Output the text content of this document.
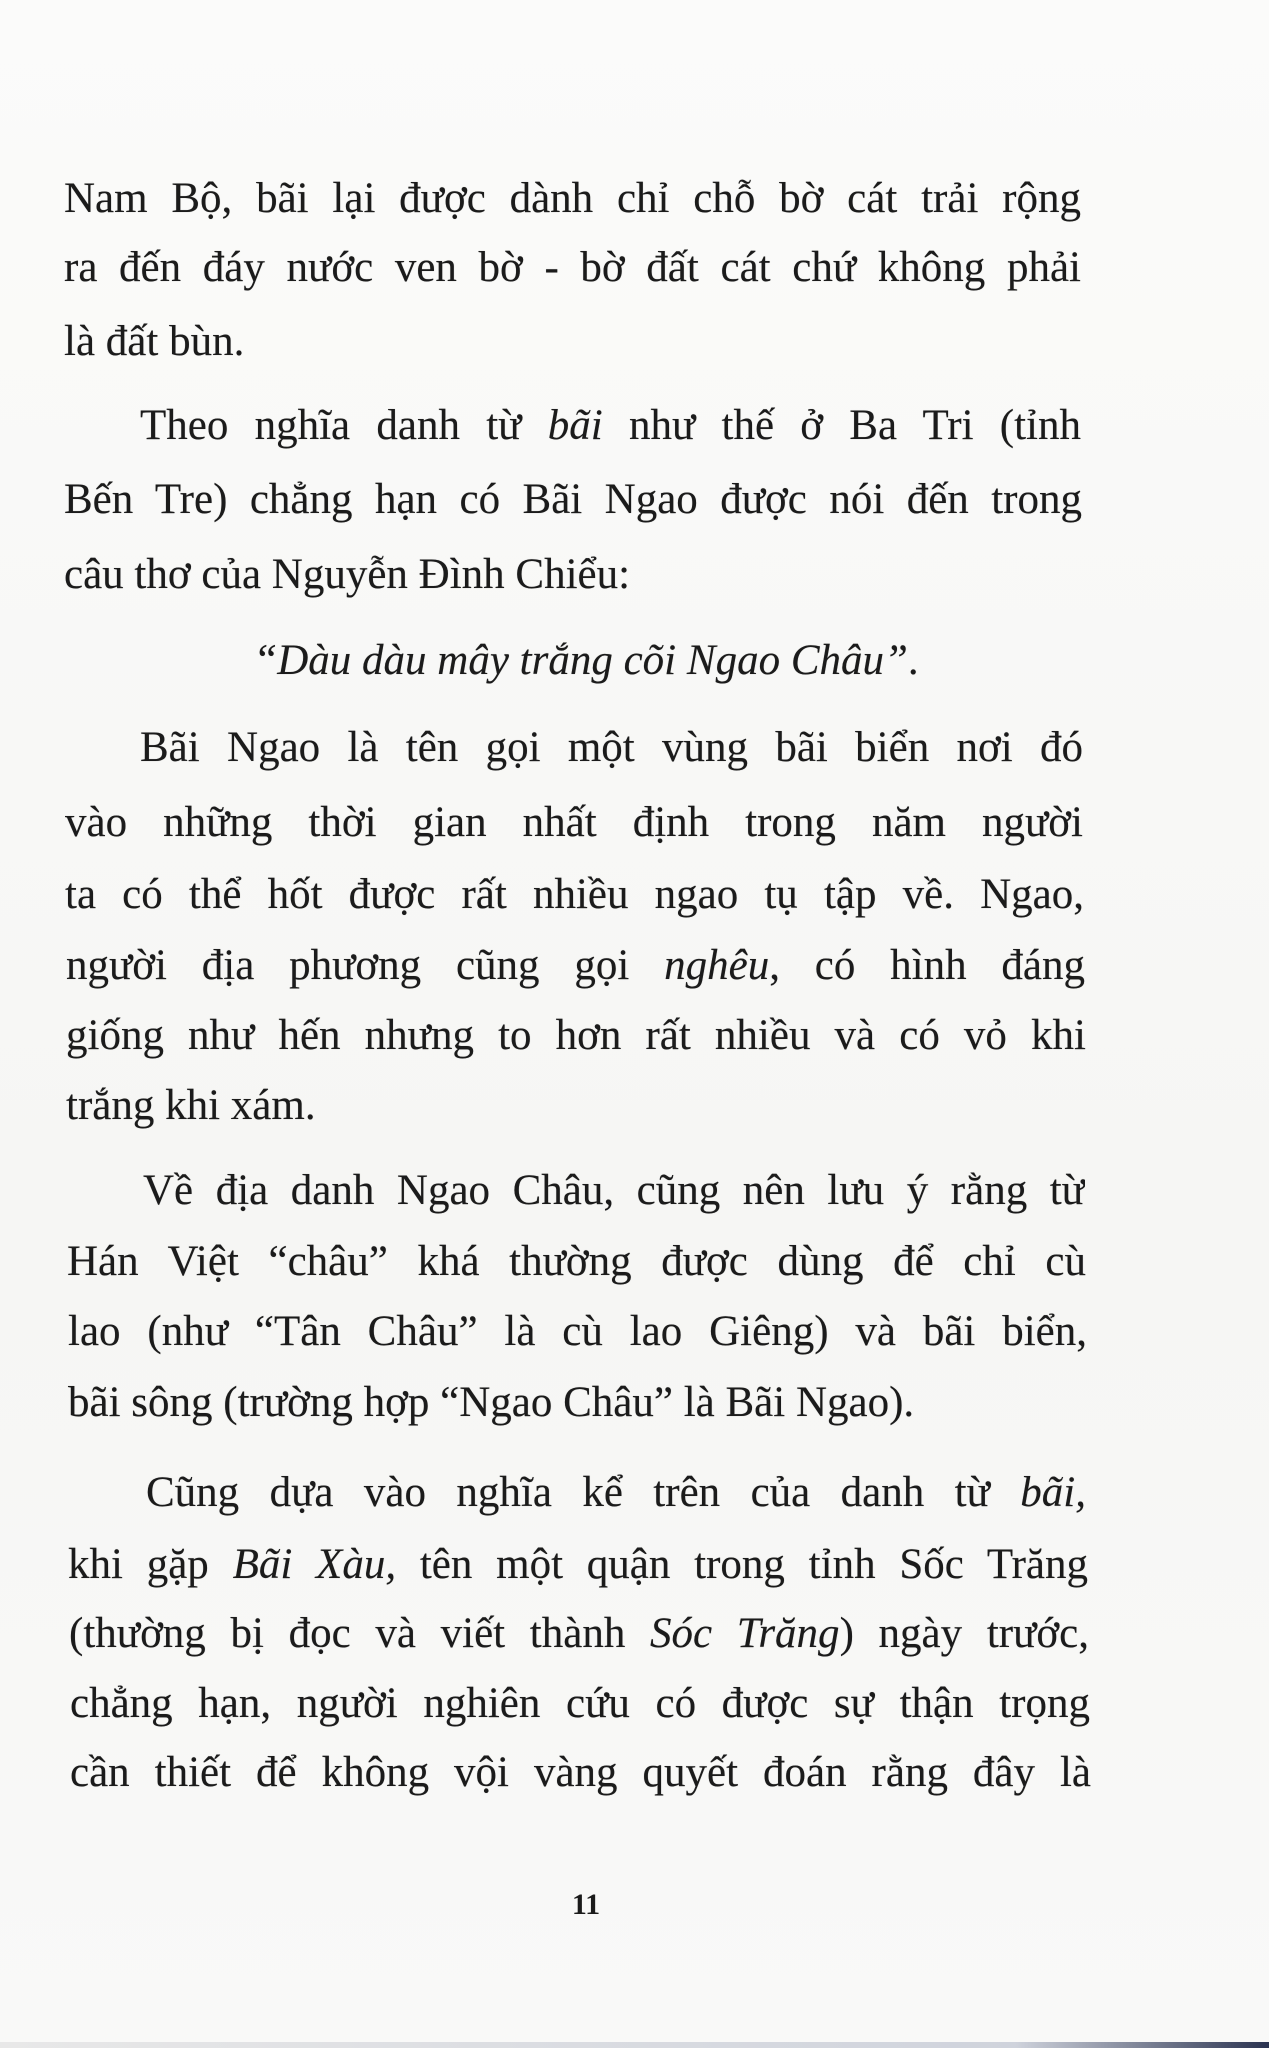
Nam Bộ, bãi lại được dành chỉ chỗ bờ cát trải rộng
ra đến đáy nước ven bờ - bờ đất cát chứ không phải
là đất bùn.
Theo nghĩa danh từ bãi như thế ở Ba Tri (tỉnh
Bến Tre) chẳng hạn có Bãi Ngao được nói đến trong
câu thơ của Nguyễn Đình Chiểu:
“Dàu dàu mây trắng cõi Ngao Châu”.
Bãi Ngao là tên gọi một vùng bãi biển nơi đó
vào những thời gian nhất định trong năm người
ta có thể hốt được rất nhiều ngao tụ tập về. Ngao,
người địa phương cũng gọi nghêu, có hình đáng
giống như hến nhưng to hơn rất nhiều và có vỏ khi
trắng khi xám.
Về địa danh Ngao Châu, cũng nên lưu ý rằng từ
Hán Việt “châu” khá thường được dùng để chỉ cù
lao (như “Tân Châu” là cù lao Giêng) và bãi biển,
bãi sông (trường hợp “Ngao Châu” là Bãi Ngao).
Cũng dựa vào nghĩa kể trên của danh từ bãi,
khi gặp Bãi Xàu, tên một quận trong tỉnh Sốc Trăng
(thường bị đọc và viết thành Sóc Trăng) ngày trước,
chẳng hạn, người nghiên cứu có được sự thận trọng
cần thiết để không vội vàng quyết đoán rằng đây là
11
